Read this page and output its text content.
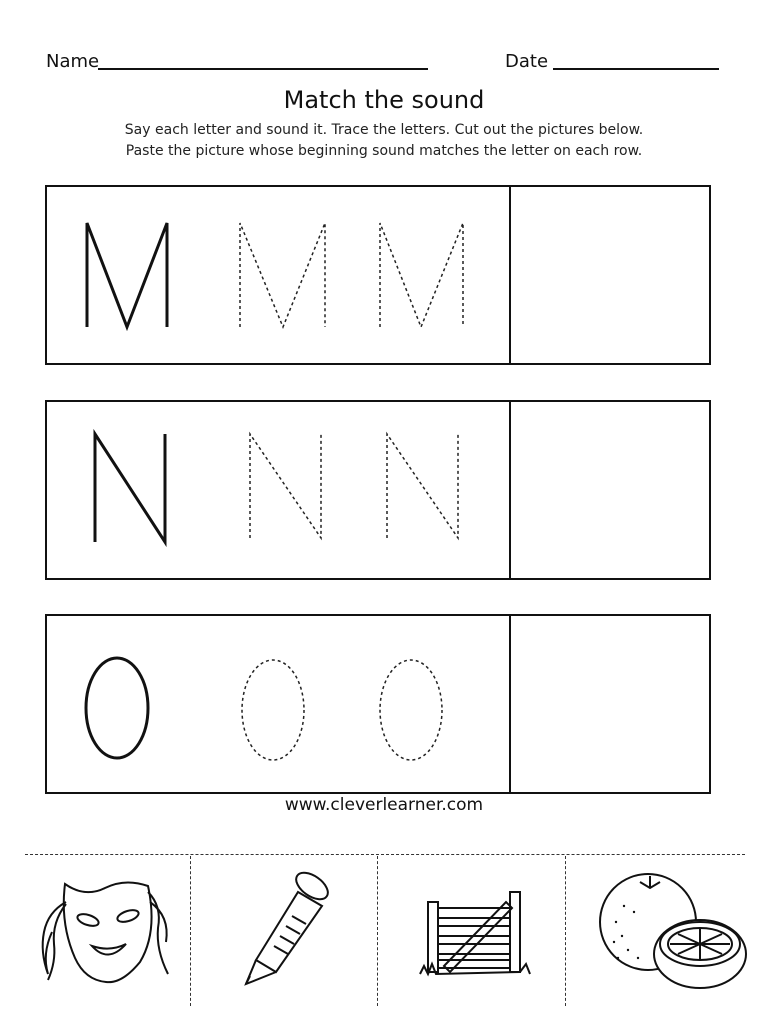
Name	Date
Match the sound
Say each letter and sound it. Trace the letters. Cut out the pictures below.
Paste the picture whose beginning sound matches the letter on each row.
www.cleverlearner.com
